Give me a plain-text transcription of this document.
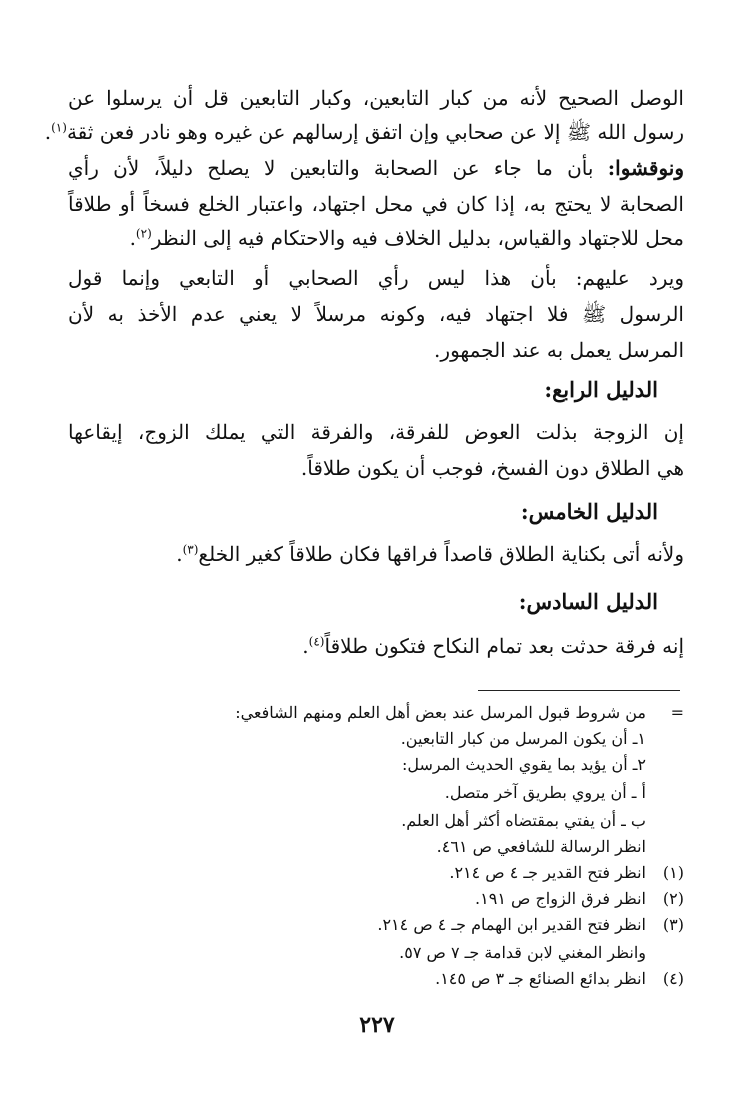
الوصل الصحيح لأنه من كبار التابعين، وكبار التابعين قل أن يرسلوا عن
رسول الله ﷺ إلا عن صحابي وإن اتفق إرسالهم عن غيره وهو نادر فعن ثقة$^{(١)}$.
ونوقشوا: بأن ما جاء عن الصحابة والتابعين لا يصلح دليلاً، لأن رأي
الصحابة لا يحتج به، إذا كان في محل اجتهاد، واعتبار الخلع فسخاً أو طلاقاً
محل للاجتهاد والقياس، بدليل الخلاف فيه والاحتكام فيه إلى النظر$^{(٢)}$.
ويرد عليهم: بأن هذا ليس رأي الصحابي أو التابعي وإنما قول
الرسول ﷺ فلا اجتهاد فيه، وكونه مرسلاً لا يعني عدم الأخذ به لأن
المرسل يعمل به عند الجمهور.
الدليل الرابع:
إن الزوجة بذلت العوض للفرقة، والفرقة التي يملك الزوج، إيقاعها
هي الطلاق دون الفسخ، فوجب أن يكون طلاقاً.
الدليل الخامس:
ولأنه أتى بكناية الطلاق قاصداً فراقها فكان طلاقاً كغير الخلع$^{(٣)}$.
الدليل السادس:
إنه فرقة حدثت بعد تمام النكاح فتكون طلاقاً$^{(٤)}$.
=
من شروط قبول المرسل عند بعض أهل العلم ومنهم الشافعي:
١ـ أن يكون المرسل من كبار التابعين.
٢ـ أن يؤيد بما يقوي الحديث المرسل:
أ ـ أن يروي بطريق آخر متصل.
ب ـ أن يفتي بمقتضاه أكثر أهل العلم.
انظر الرسالة للشافعي ص ٤٦١.
(١)
انظر فتح القدير جـ ٤ ص ٢١٤.
(٢)
انظر فرق الزواج ص ١٩١.
(٣)
انظر فتح القدير ابن الهمام جـ ٤ ص ٢١٤.
وانظر المغني لابن قدامة جـ ٧ ص ٥٧.
(٤)
انظر بدائع الصنائع جـ ٣ ص ١٤٥.
٢٢٧
